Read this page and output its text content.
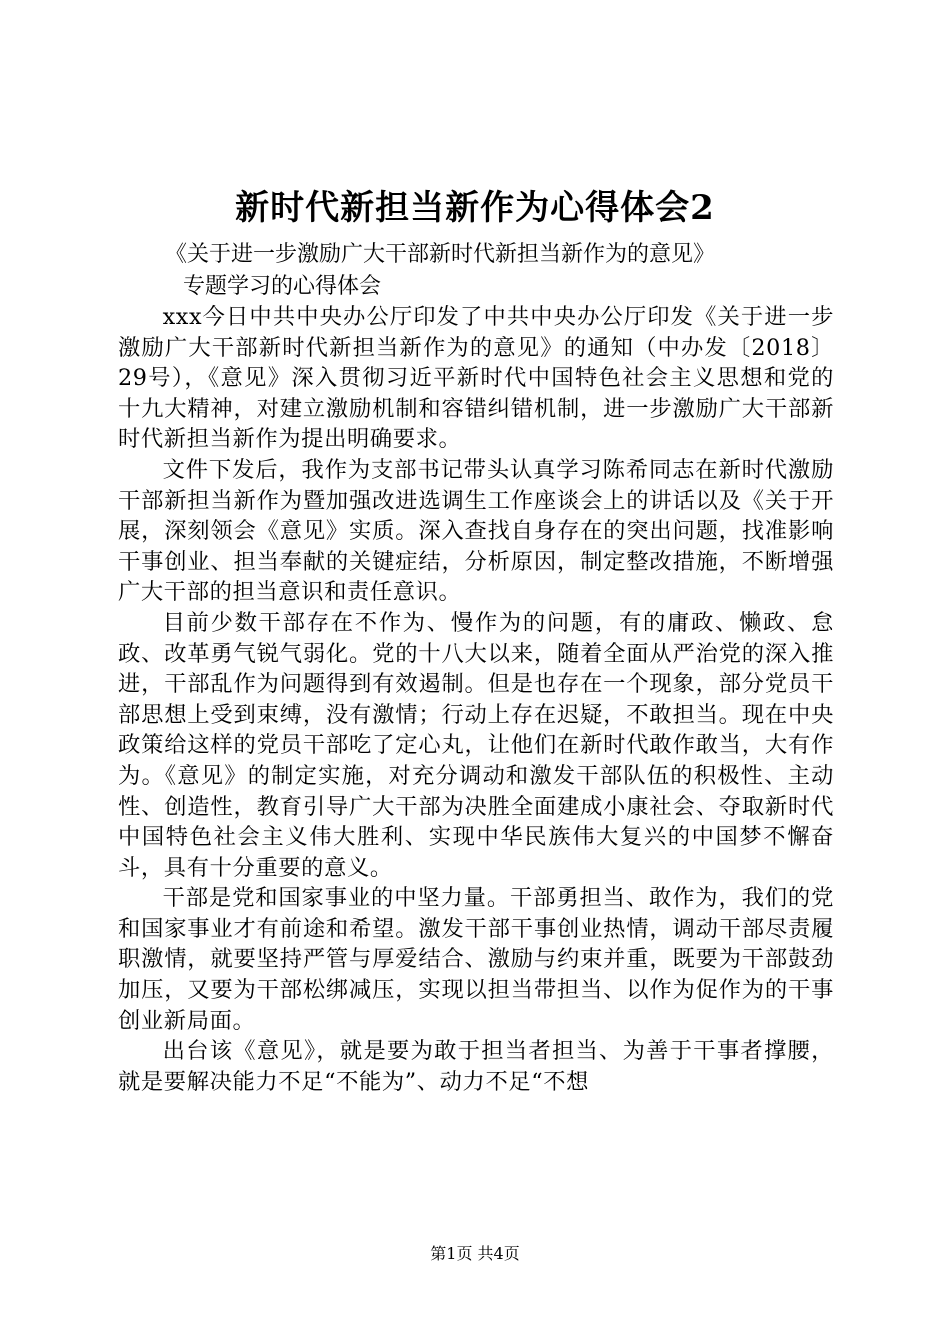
新时代新担当新作为心得体会2
《关于进一步激励广大干部新时代新担当新作为的意见》
专题学习的心得体会

xxx今日中共中央办公厅印发了中共中央办公厅印发《关于进一步激励广大干部新时代新担当新作为的意见》的通知（中办发〔2018〕29号），《意见》深入贯彻习近平新时代中国特色社会主义思想和党的十九大精神，对建立激励机制和容错纠错机制，进一步激励广大干部新时代新担当新作为提出明确要求。

文件下发后，我作为支部书记带头认真学习陈希同志在新时代激励干部新担当新作为暨加强改进选调生工作座谈会上的讲话以及《关于开展，深刻领会《意见》实质。深入查找自身存在的突出问题，找准影响干事创业、担当奉献的关键症结，分析原因，制定整改措施，不断增强广大干部的担当意识和责任意识。

目前少数干部存在不作为、慢作为的问题，有的庸政、懒政、怠政、改革勇气锐气弱化。党的十八大以来，随着全面从严治党的深入推进，干部乱作为问题得到有效遏制。但是也存在一个现象，部分党员干部思想上受到束缚，没有激情；行动上存在迟疑，不敢担当。现在中央政策给这样的党员干部吃了定心丸，让他们在新时代敢作敢当，大有作为。《意见》的制定实施，对充分调动和激发干部队伍的积极性、主动性、创造性，教育引导广大干部为决胜全面建成小康社会、夺取新时代中国特色社会主义伟大胜利、实现中华民族伟大复兴的中国梦不懈奋斗，具有十分重要的意义。

干部是党和国家事业的中坚力量。干部勇担当、敢作为，我们的党和国家事业才有前途和希望。激发干部干事创业热情，调动干部尽责履职激情，就要坚持严管与厚爱结合、激励与约束并重，既要为干部鼓劲加压，又要为干部松绑减压，实现以担当带担当、以作为促作为的干事创业新局面。

出台该《意见》，就是要为敢于担当者担当、为善于干事者撑腰，就是要解决能力不足“不能为”、动力不足“不想

第1页 共4页
